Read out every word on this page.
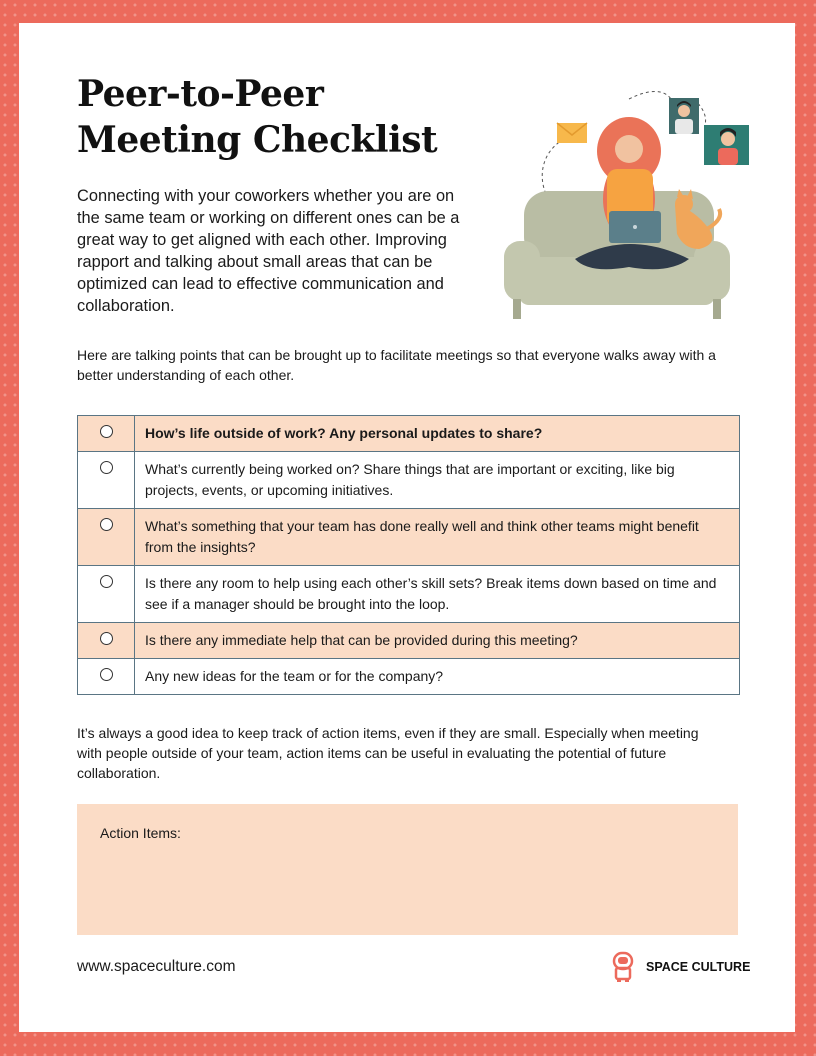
Peer-to-Peer
Meeting Checklist

Connecting with your coworkers whether you are on the same team or working on different ones can be a great way to get aligned with each other. Improving rapport and talking about small areas that can be optimized can lead to effective communication and collaboration.

Here are talking points that can be brought up to facilitate meetings so that everyone walks away with a better understanding of each other.

	How’s life outside of work? Any personal updates to share?
	What’s currently being worked on? Share things that are important or exciting, like big projects, events, or upcoming initiatives.
	What’s something that your team has done really well and think other teams might benefit from the insights?
	Is there any room to help using each other’s skill sets? Break items down based on time and see if a manager should be brought into the loop.
	Is there any immediate help that can be provided during this meeting?
	Any new ideas for the team or for the company?

It’s always a good idea to keep track of action items, even if they are small. Especially when meeting with people outside of your team, action items can be useful in evaluating the potential of future collaboration.

Action Items:
www.spaceculture.com	SPACE CULTURE
